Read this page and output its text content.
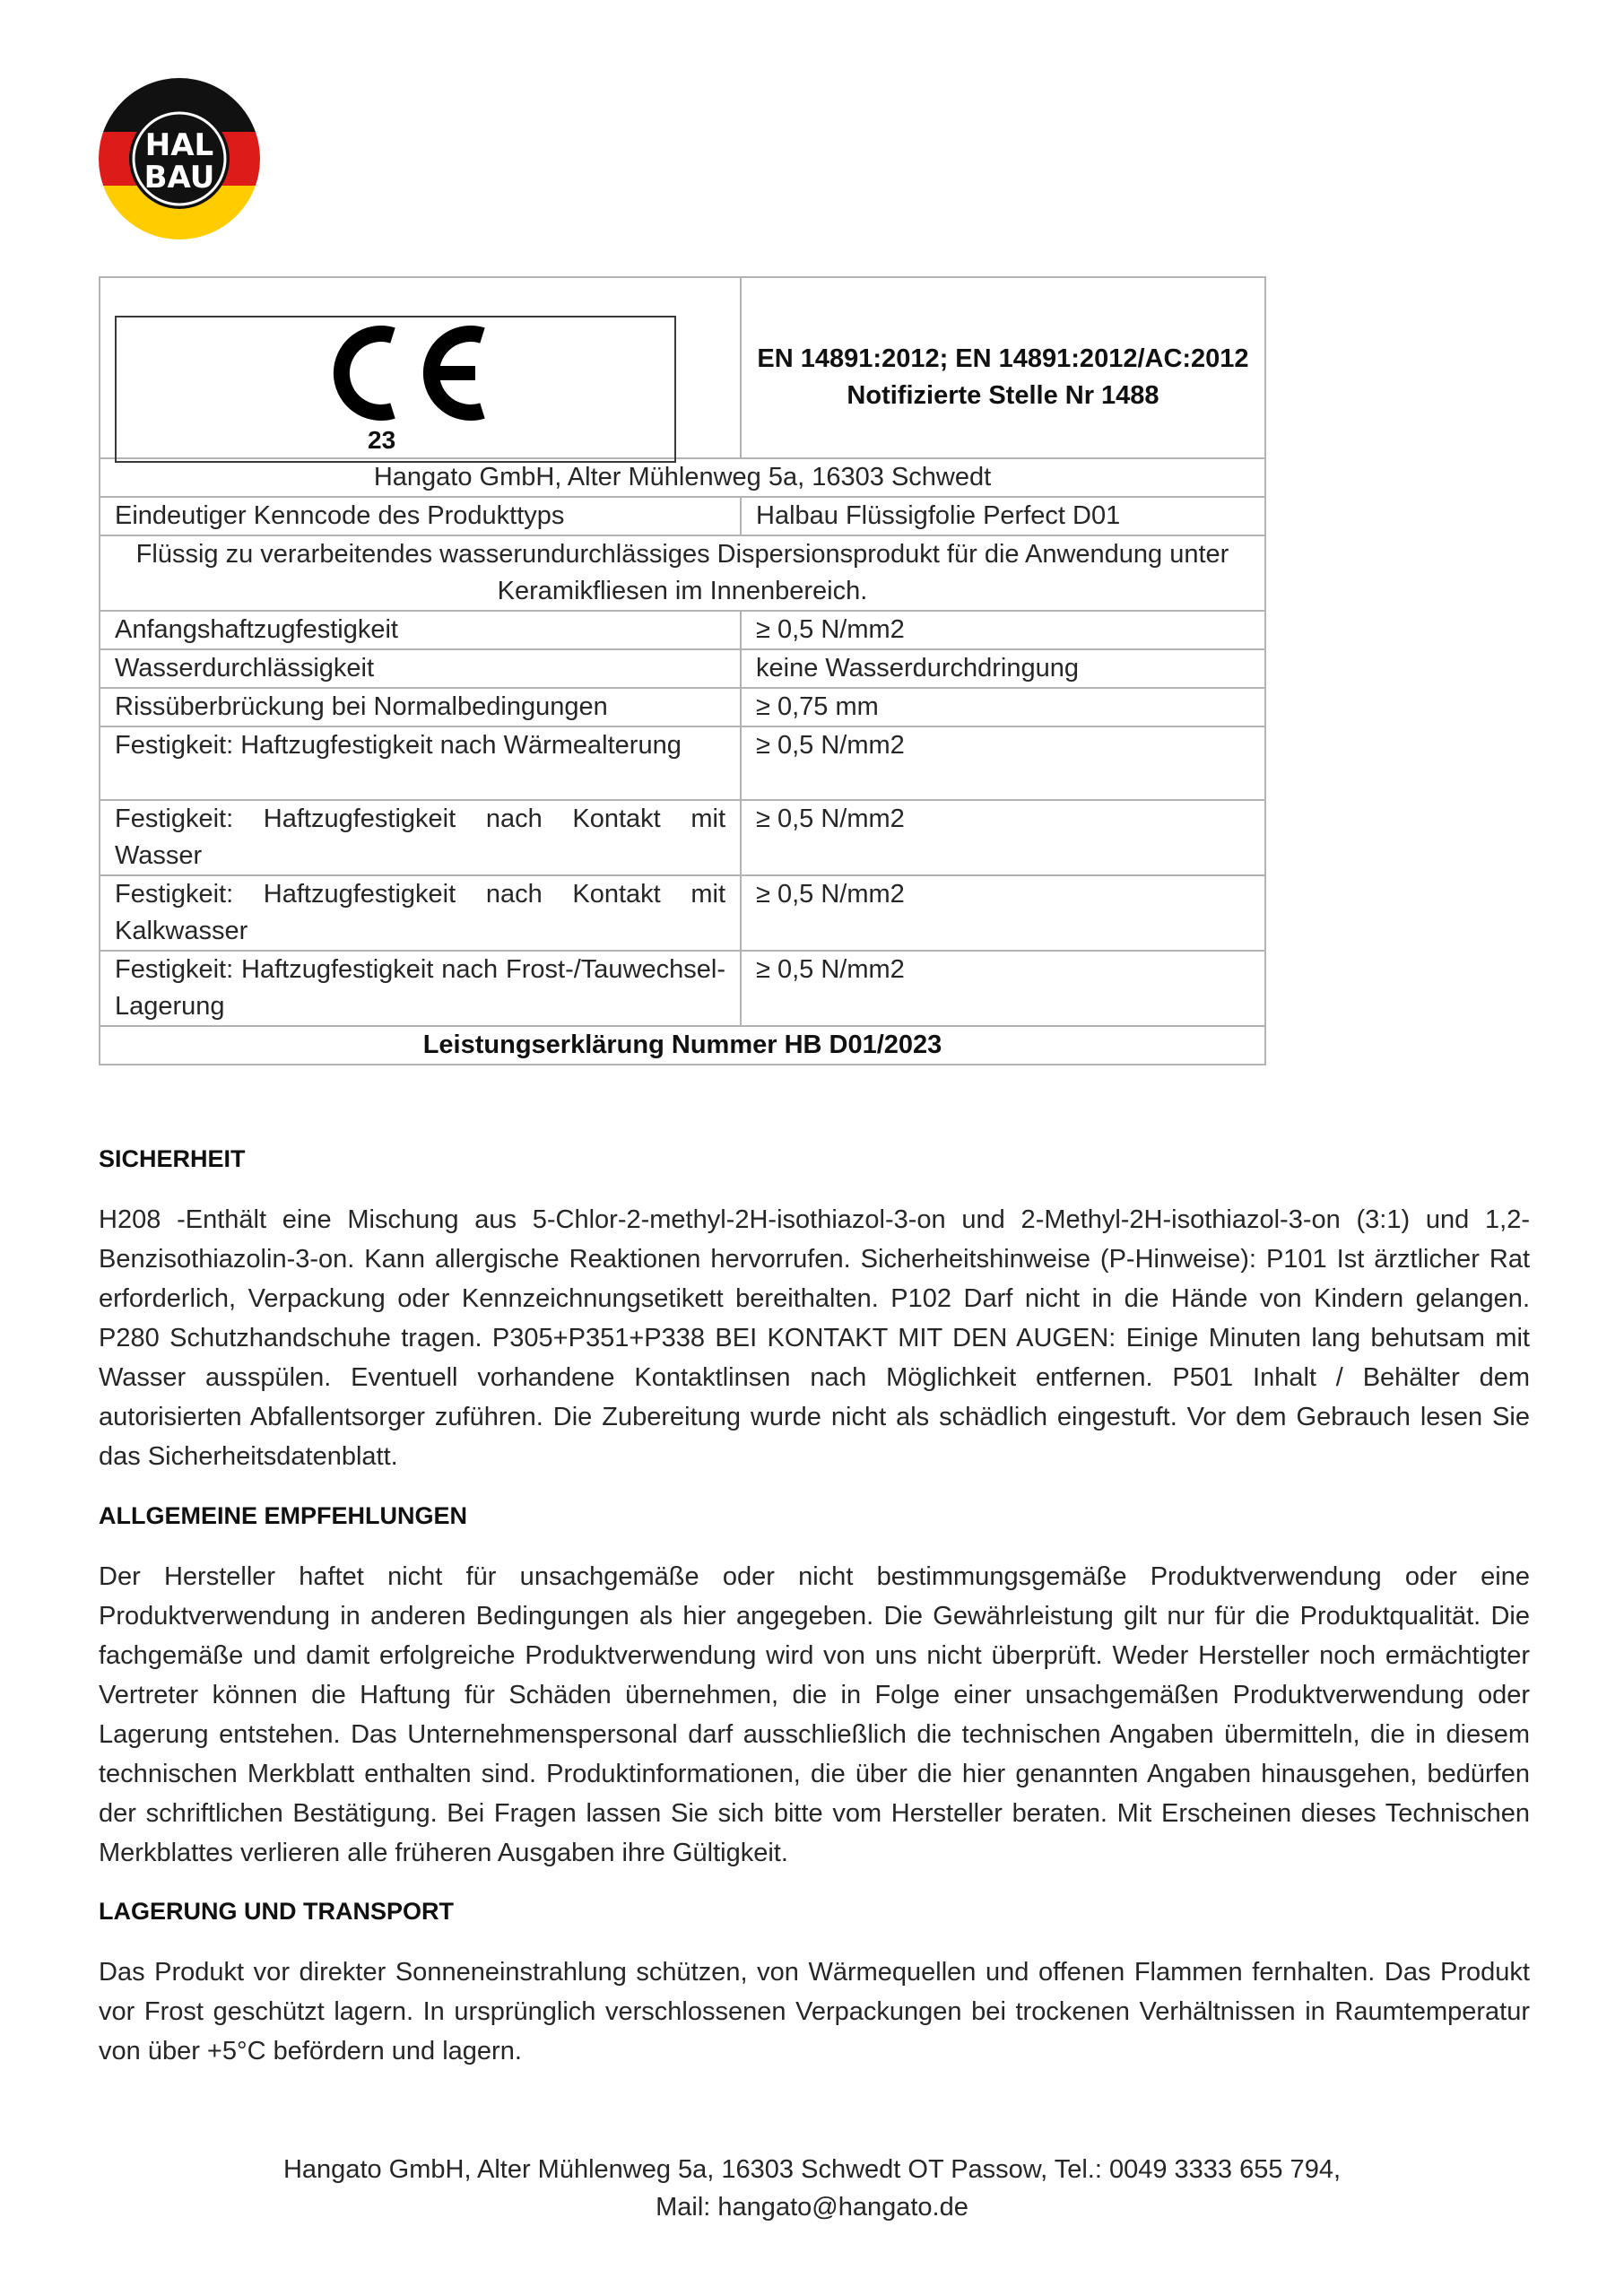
HAL
BAU
23	EN 14891:2012; EN 14891:2012/AC:2012 Notifizierte Stelle Nr 1488
Hangato GmbH, Alter Mühlenweg 5a, 16303 Schwedt	
Eindeutiger Kenncode des Produkttyps	Halbau Flüssigfolie Perfect D01
Flüssig zu verarbeitendes wasserundurchlässiges Dispersionsprodukt für die Anwendung unter Keramikfliesen im Innenbereich.	
Anfangshaftzugfestigkeit	≥ 0,5 N/mm2
Wasserdurchlässigkeit	keine Wasserdurchdringung
Rissüberbrückung bei Normalbedingungen	≥ 0,75 mm
Festigkeit: Haftzugfestigkeit nach Wärmealterung	≥ 0,5 N/mm2
Festigkeit: Haftzugfestigkeit nach Kontakt mit Wasser	≥ 0,5 N/mm2
Festigkeit: Haftzugfestigkeit nach Kontakt mit Kalkwasser	≥ 0,5 N/mm2
Festigkeit: Haftzugfestigkeit nach Frost-/Tauwechsel-Lagerung	≥ 0,5 N/mm2
Leistungserklärung Nummer HB D01/2023	
SICHERHEIT

H208 -Enthält eine Mischung aus 5-Chlor-2-methyl-2H-isothiazol-3-on und 2-Methyl-2H-isothiazol-3-on (3:1) und 1,2-Benzisothiazolin-3-on. Kann allergische Reaktionen hervorrufen. Sicherheitshinweise (P-Hinweise): P101 Ist ärztlicher Rat erforderlich, Verpackung oder Kennzeichnungsetikett bereithalten. P102 Darf nicht in die Hände von Kindern gelangen. P280 Schutzhandschuhe tragen. P305+P351+P338 BEI KONTAKT MIT DEN AUGEN: Einige Minuten lang behutsam mit Wasser ausspülen. Eventuell vorhandene Kontaktlinsen nach Möglichkeit entfernen. P501 Inhalt / Behälter dem autorisierten Abfallentsorger zuführen. Die Zubereitung wurde nicht als schädlich eingestuft. Vor dem Gebrauch lesen Sie das Sicherheitsdatenblatt.

ALLGEMEINE EMPFEHLUNGEN

Der Hersteller haftet nicht für unsachgemäße oder nicht bestimmungsgemäße Produktverwendung oder eine Produktverwendung in anderen Bedingungen als hier angegeben. Die Gewährleistung gilt nur für die Produktqualität. Die fachgemäße und damit erfolgreiche Produktverwendung wird von uns nicht überprüft. Weder Hersteller noch ermächtigter Vertreter können die Haftung für Schäden übernehmen, die in Folge einer unsachgemäßen Produktverwendung oder Lagerung entstehen. Das Unternehmenspersonal darf ausschließlich die technischen Angaben übermitteln, die in diesem technischen Merkblatt enthalten sind. Produktinformationen, die über die hier genannten Angaben hinausgehen, bedürfen der schriftlichen Bestätigung. Bei Fragen lassen Sie sich bitte vom Hersteller beraten. Mit Erscheinen dieses Technischen Merkblattes verlieren alle früheren Ausgaben ihre Gültigkeit.

LAGERUNG UND TRANSPORT

Das Produkt vor direkter Sonneneinstrahlung schützen, von Wärmequellen und offenen Flammen fernhalten. Das Produkt vor Frost geschützt lagern. In ursprünglich verschlossenen Verpackungen bei trockenen Verhältnissen in Raumtemperatur von über +5°C befördern und lagern.

Hangato GmbH, Alter Mühlenweg 5a, 16303 Schwedt OT Passow, Tel.: 0049 3333 655 794,
Mail: hangato@hangato.de
